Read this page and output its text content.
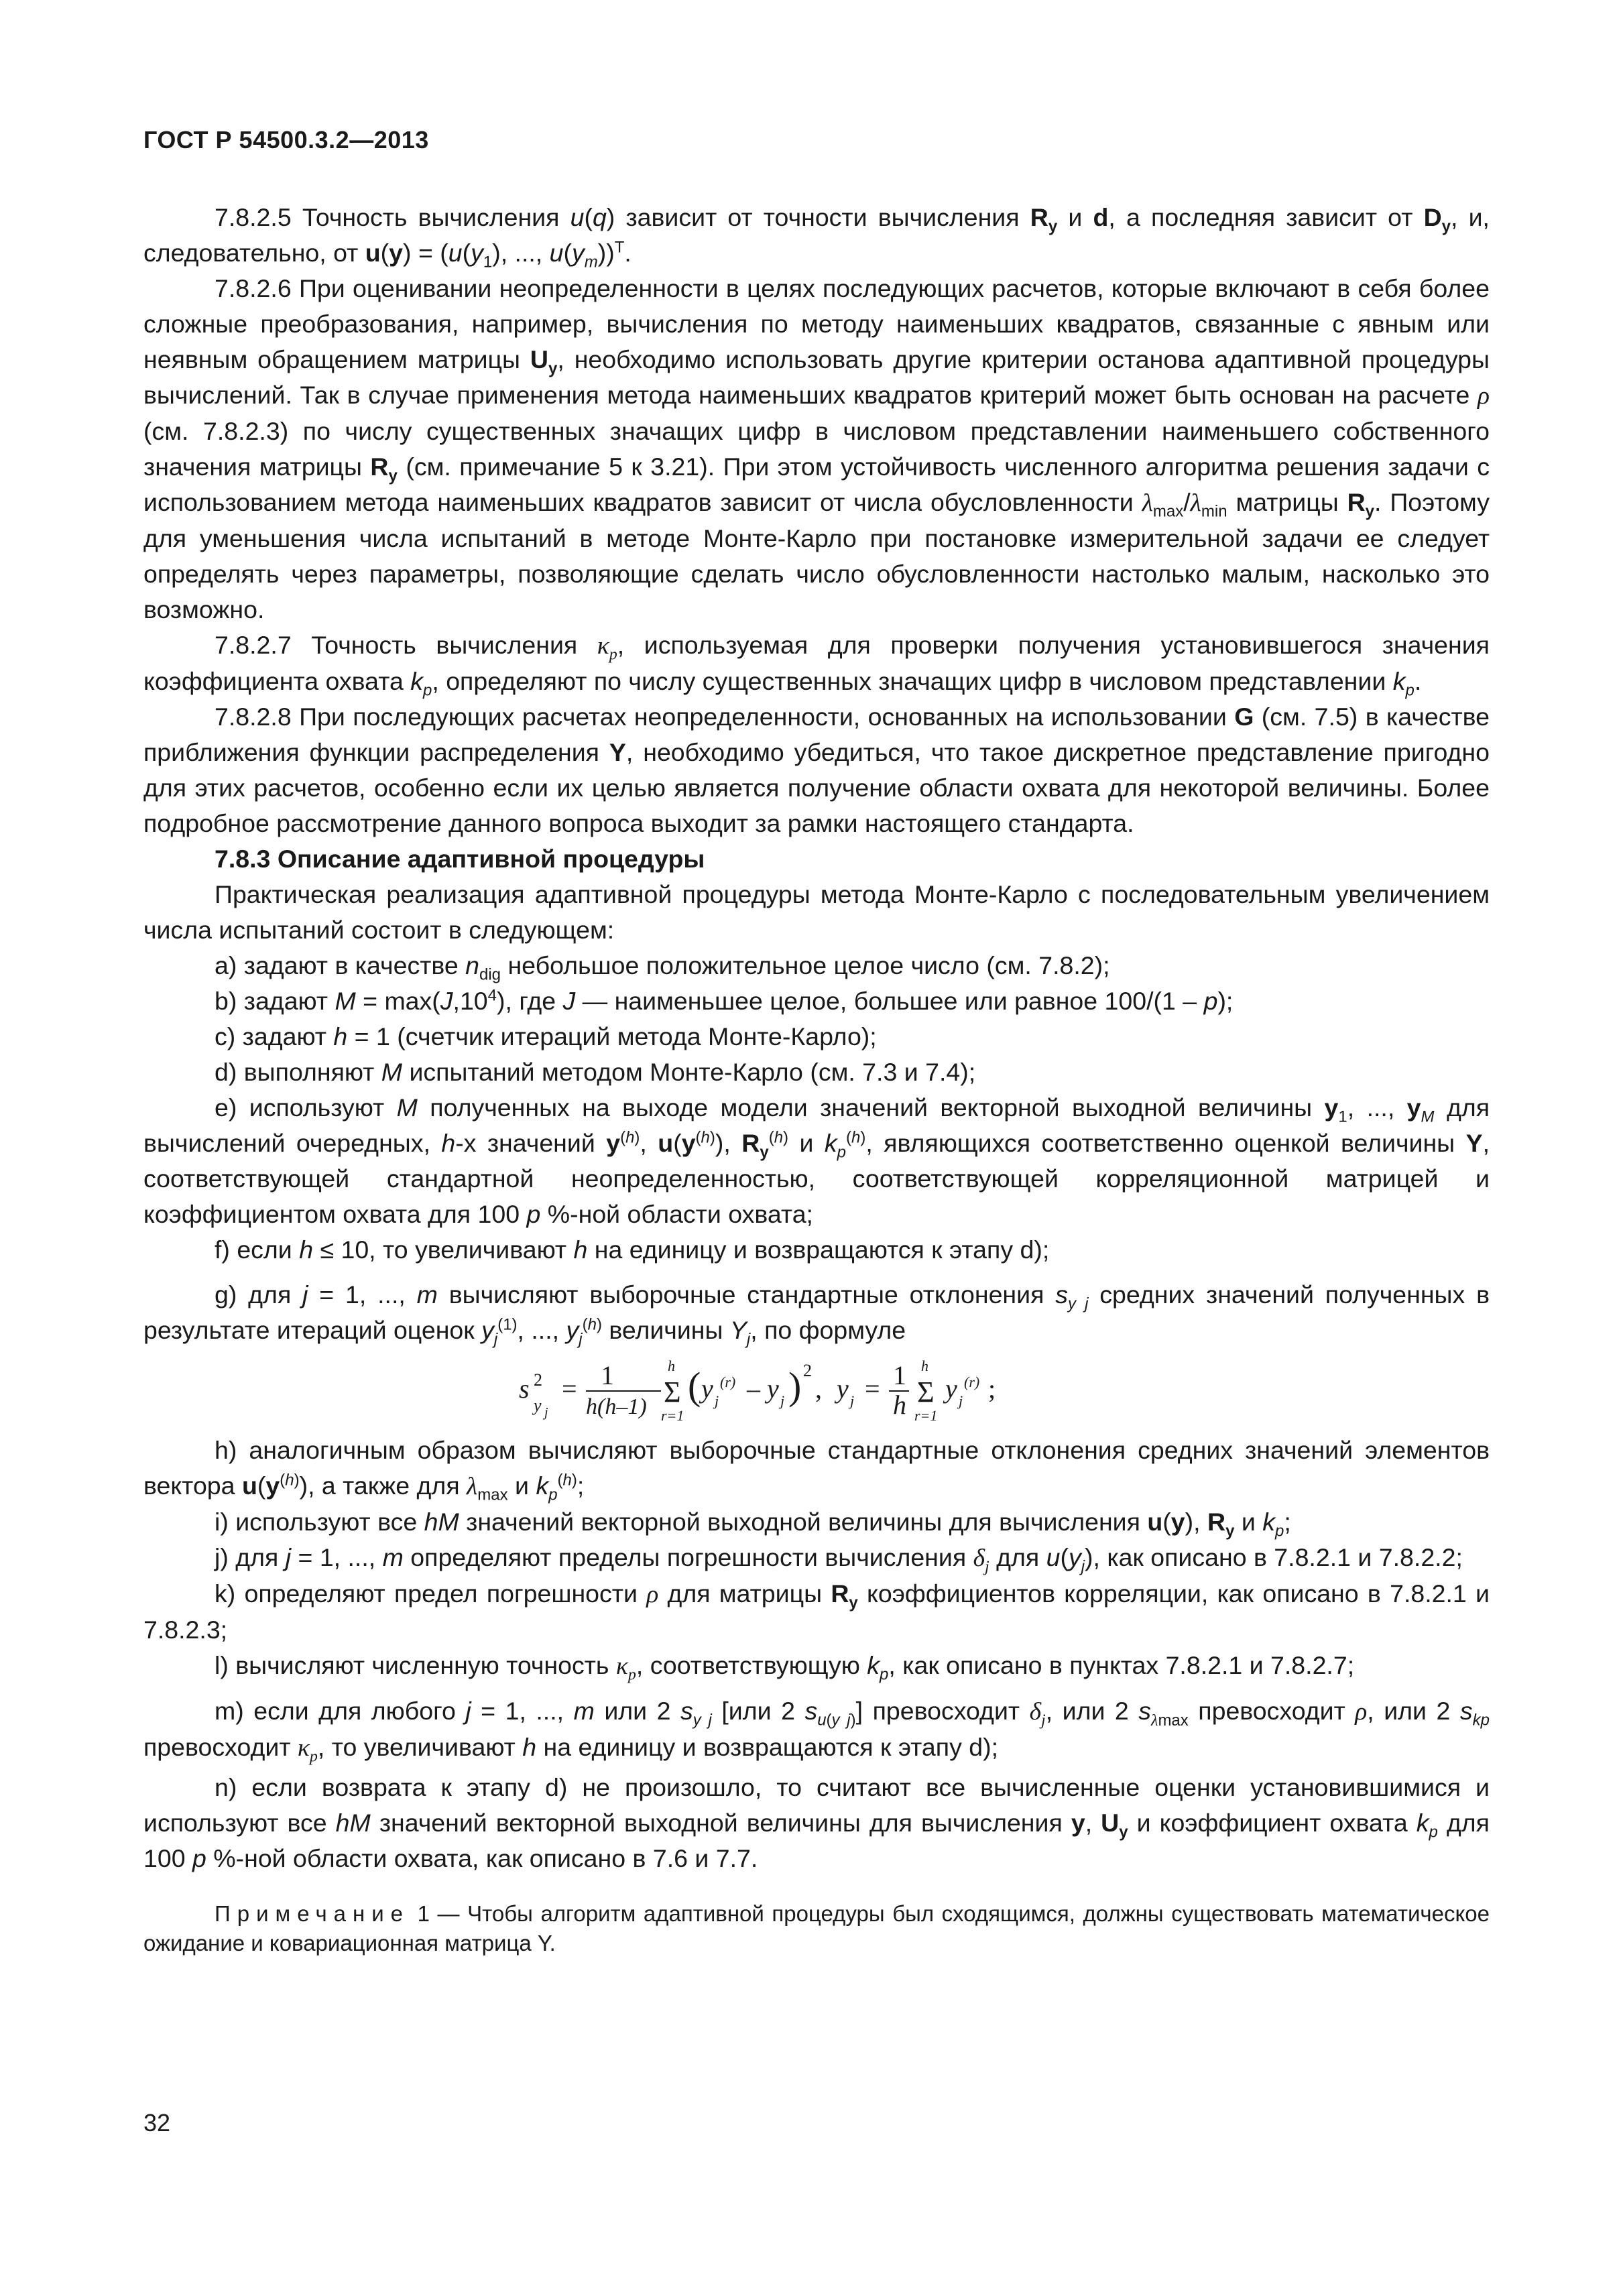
ГОСТ Р 54500.3.2—2013

7.8.2.5 Точность вычисления u(q) зависит от точности вычисления $R_y$ и d, а последняя зависит от $D_y$, и, следовательно, от $u(y) = (u(y_1)$, ..., $u(y_m))^T$.

7.8.2.6 При оценивании неопределенности в целях последующих расчетов, которые включают в себя более сложные преобразования, например, вычисления по методу наименьших квадратов, связанные с явным или неявным обращением матрицы $U_y$, необходимо использовать другие критерии останова адаптивной процедуры вычислений. Так в случае применения метода наименьших квадратов критерий может быть основан на расчете ρ (см. 7.8.2.3) по числу существенных значащих цифр в числовом представлении наименьшего собственного значения матрицы $R_y$ (см. примечание 5 к 3.21). При этом устойчивость численного алгоритма решения задачи с использованием метода наименьших квадратов зависит от числа обусловленности $\lambda_{max}/\lambda_{min}$ матрицы $R_y$. Поэтому для уменьшения числа испытаний в методе Монте-Карло при постановке измерительной задачи ее следует определять через параметры, позволяющие сделать число обусловленности настолько малым, насколько это возможно.

7.8.2.7 Точность вычисления $\kappa_p$, используемая для проверки получения установившегося значения коэффициента охвата $k_p$, определяют по числу существенных значащих цифр в числовом представлении $k_p$.

7.8.2.8 При последующих расчетах неопределенности, основанных на использовании G (см. 7.5) в качестве приближения функции распределения Y, необходимо убедиться, что такое дискретное представление пригодно для этих расчетов, особенно если их целью является получение области охвата для некоторой величины. Более подробное рассмотрение данного вопроса выходит за рамки настоящего стандарта.

7.8.3 Описание адаптивной процедуры

Практическая реализация адаптивной процедуры метода Монте-Карло с последовательным увеличением числа испытаний состоит в следующем:

a) задают в качестве $n_{dig}$ небольшое положительное целое число (см. 7.8.2);

b) задают $M = \max(J,10^4)$, где J — наименьшее целое, большее или равное 100/(1 – p);

c) задают h = 1 (счетчик итераций метода Монте-Карло);

d) выполняют M испытаний методом Монте-Карло (см. 7.3 и 7.4);

e) используют M полученных на выходе модели значений векторной выходной величины $y_1$, ..., $y_M$ для вычислений очередных, h-х значений $y^{(h)}$, $u(y^{(h)})$, $R_y^{(h)}$ и $k_p^{(h)}$, являющихся соответственно оценкой величины Y, соответствующей стандартной неопределенностью, соответствующей корреляционной матрицей и коэффициентом охвата для 100 p %-ной области охвата;

f) если h ≤ 10, то увеличивают h на единицу и возвращаются к этапу d);

g) для j = 1, ..., m вычисляют выборочные стандартные отклонения $s_{y j}$ средних значений полученных в результате итераций оценок $y_j^{(1)}$, ..., $y_j^{(h)}$ величины $Y_j$, по формуле

s 2
y j
= 1
h(h–1)
h
Σ
r=1
( y j
(r) – y j ) 2
, y j = 1
h
h
Σ
r=1
y j
(r) ;

h) аналогичным образом вычисляют выборочные стандартные отклонения средних значений элементов вектора $u(y^{(h)})$, а также для $\lambda_{max}$ и $k_p^{(h)}$;

i) используют все hM значений векторной выходной величины для вычисления u(y), $R_y$ и $k_p$;

j) для j = 1, ..., m определяют пределы погрешности вычисления $\delta_j$ для $u(y_j)$, как описано в 7.8.2.1 и 7.8.2.2;

k) определяют предел погрешности ρ для матрицы $R_y$ коэффициентов корреляции, как описано в 7.8.2.1 и 7.8.2.3;

l) вычисляют численную точность $\kappa_p$, соответствующую $k_p$, как описано в пунктах 7.8.2.1 и 7.8.2.7;

m) если для любого j = 1, ..., m или 2 $s_{y j}$ [или 2 $s_{u(y j)}$] превосходит $\delta_j$, или 2 $s_{\lambda max}$ превосходит ρ, или 2 $s_{kp}$ превосходит $\kappa_p$, то увеличивают h на единицу и возвращаются к этапу d);

n) если возврата к этапу d) не произошло, то считают все вычисленные оценки установившимися и используют все hM значений векторной выходной величины для вычисления y, $U_y$ и коэффициент охвата $k_p$ для 100 p %-ной области охвата, как описано в 7.6 и 7.7.

Примечание 1 — Чтобы алгоритм адаптивной процедуры был сходящимся, должны существовать математическое ожидание и ковариационная матрица Y.

32
